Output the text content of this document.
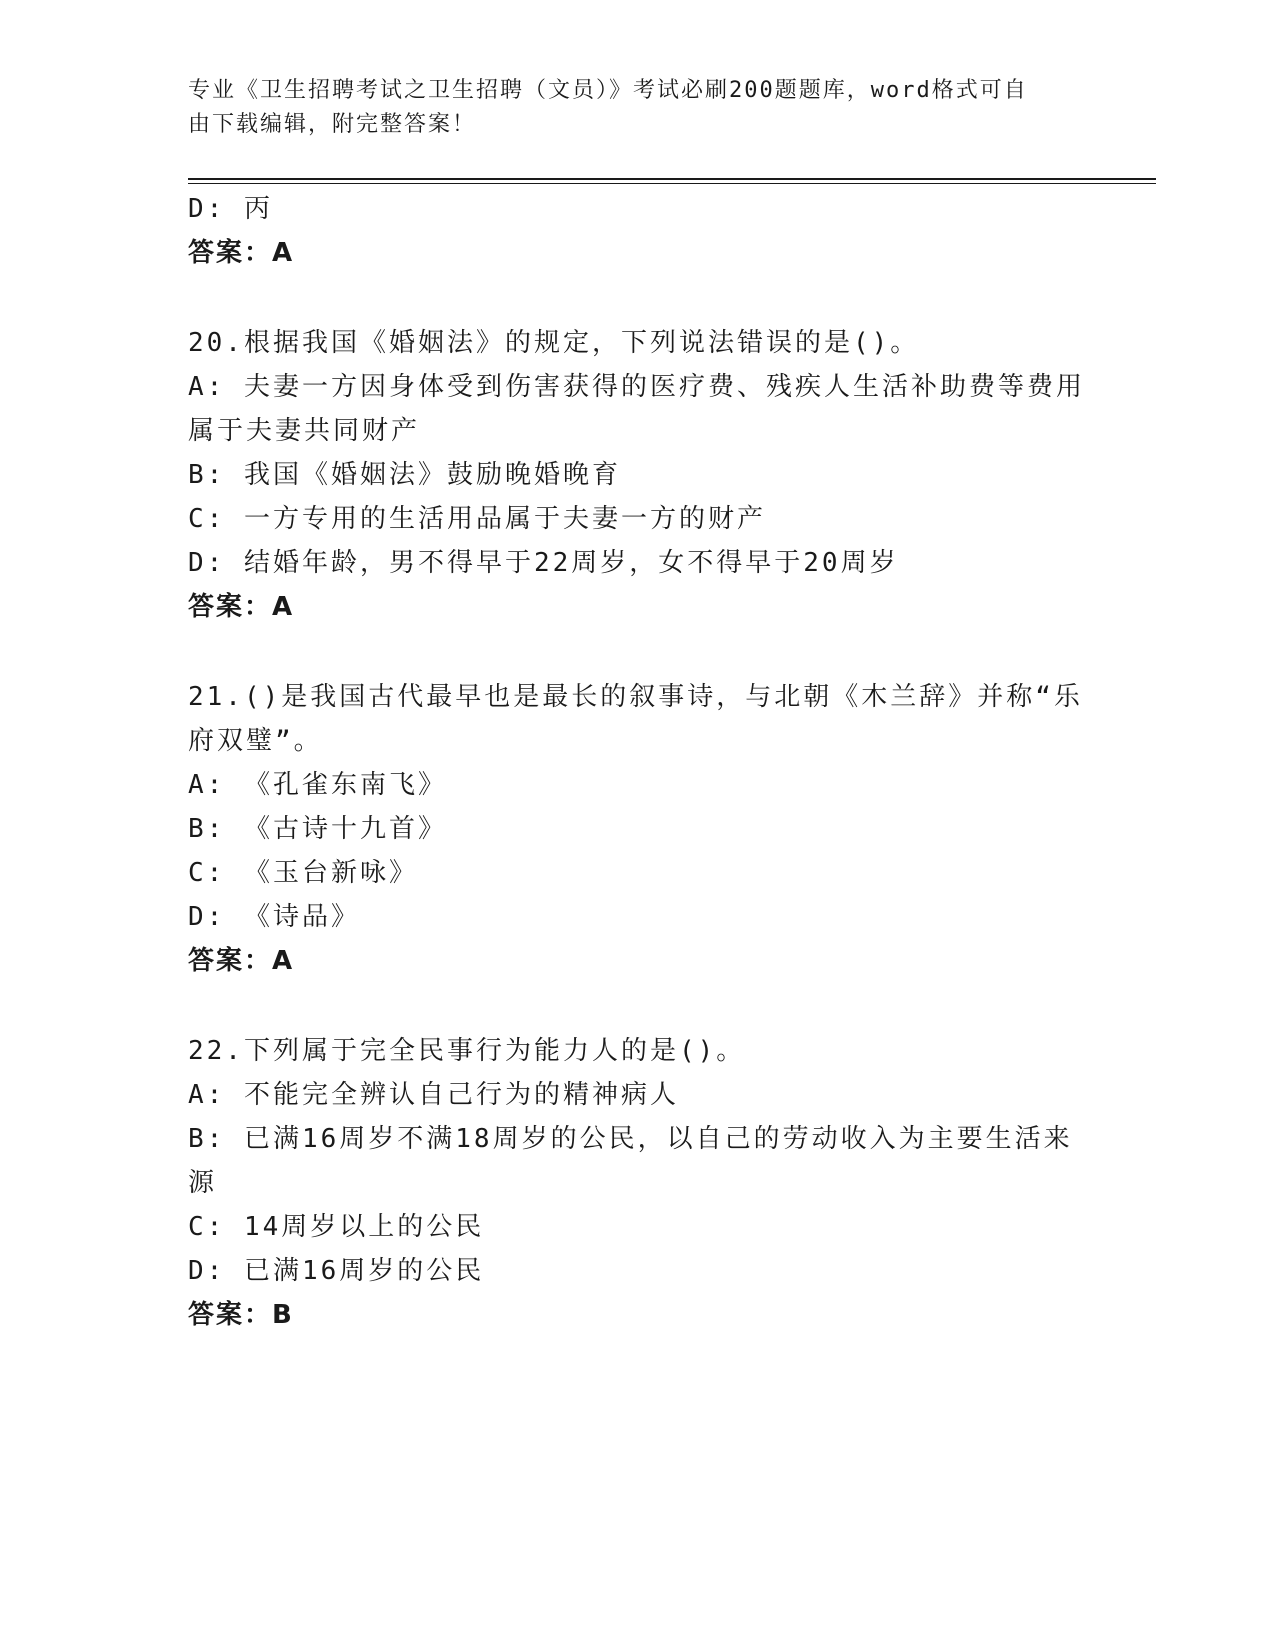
专业《卫生招聘考试之卫生招聘（文员）》考试必刷200题题库，word格式可自
由下载编辑，附完整答案！
D: 丙
答案：A
20.根据我国《婚姻法》的规定，下列说法错误的是()。
A: 夫妻一方因身体受到伤害获得的医疗费、残疾人生活补助费等费用
属于夫妻共同财产
B: 我国《婚姻法》鼓励晚婚晚育
C: 一方专用的生活用品属于夫妻一方的财产
D: 结婚年龄，男不得早于22周岁，女不得早于20周岁
答案：A
21.()是我国古代最早也是最长的叙事诗，与北朝《木兰辞》并称“乐
府双璧”。
A: 《孔雀东南飞》
B: 《古诗十九首》
C: 《玉台新咏》
D: 《诗品》
答案：A
22.下列属于完全民事行为能力人的是()。
A: 不能完全辨认自己行为的精神病人
B: 已满16周岁不满18周岁的公民，以自己的劳动收入为主要生活来
源
C: 14周岁以上的公民
D: 已满16周岁的公民
答案：B
